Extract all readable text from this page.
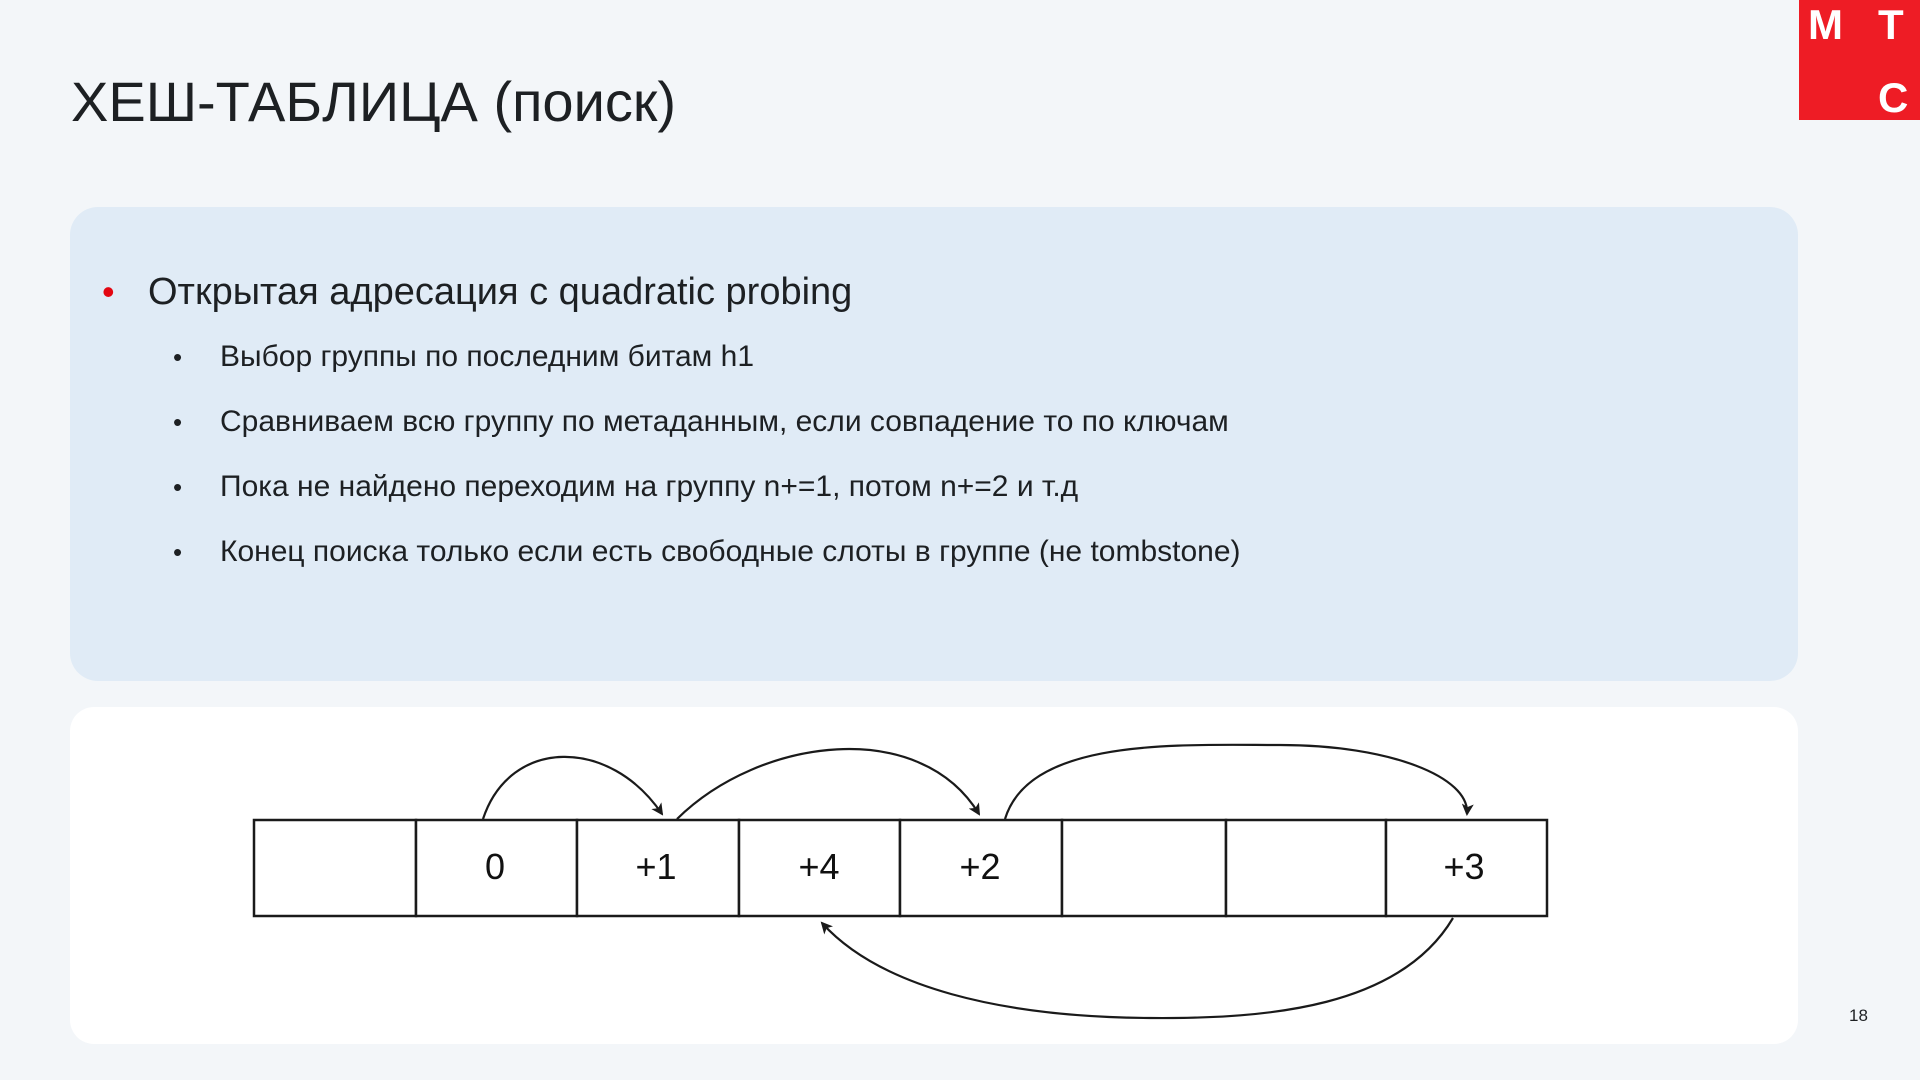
ХЕШ-ТАБЛИЦА (поиск)
М Т
С
• Открытая адресация с quadratic probing
• Выбор группы по последним битам h1
• Сравниваем всю группу по метаданным, если совпадение то по ключам
• Пока не найдено переходим на группу n+=1, потом n+=2 и т.д
• Конец поиска только если есть свободные слоты в группе (не tombstone)
0	+1	+4	+2	+3
18
